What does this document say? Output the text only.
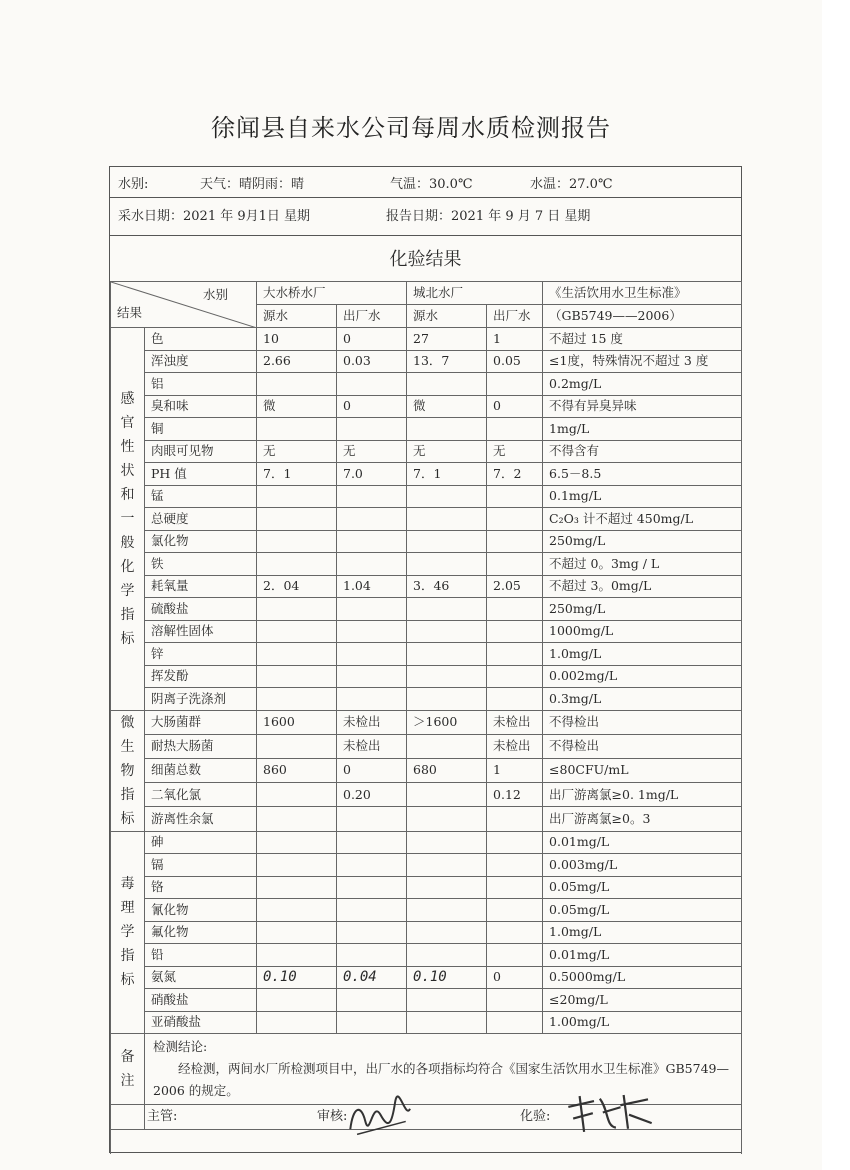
徐闻县自来水公司每周水质检测报告
水别:	天气：晴阴雨：晴	气温：30.0℃	水温：27.0℃
采水日期：2021 年 9月1日 星期	报告日期：2021 年 9 月 7 日 星期
化验结果
水别
结果		大水桥水厂		城北水厂		《生活饮用水卫生标准》
		源水	出厂水	源水	出厂水	（GB5749——2006）

感官性状和一般化学指标	色	10	0	27	1	不超过 15 度
	浑浊度	2.66	0.03	13．7	0.05	≤1度，特殊情况不超过 3 度
	铝					0.2mg/L
	臭和味	微	0	微	0	不得有异臭异味
	铜					1mg/L
	肉眼可见物	无	无	无	无	不得含有
	PH 值	7．1	7.0	7．1	7．2	6.5－8.5
	锰					0.1mg/L
	总硬度					C₂O₃ 计不超过 450mg/L
	氯化物					250mg/L
	铁					不超过 0。3mg / L
	耗氧量	2．04	1.04	3．46	2.05	不超过 3。0mg/L
	硫酸盐					250mg/L
	溶解性固体					1000mg/L
	锌					1.0mg/L
	挥发酚					0.002mg/L
	阴离子洗涤剂					0.3mg/L

微生物指标	大肠菌群	1600	未检出	＞1600	未检出	不得检出
	耐热大肠菌		未检出		未检出	不得检出
	细菌总数	860	0	680	1	≤80CFU/mL
	二氧化氯		0.20		0.12	出厂游离氯≥0. 1mg/L
	游离性余氯					出厂游离氯≥0。3

毒理学指标	砷					0.01mg/L
	镉					0.003mg/L
	铬					0.05mg/L
	氰化物					0.05mg/L
	氟化物					1.0mg/L
	铅					0.01mg/L
	氨氮	0.10	0.04	0.10	0	0.5000mg/L
	硝酸盐					≤20mg/L
	亚硝酸盐					1.00mg/L

备注	检测结论:
经检测，两间水厂所检测项目中，出厂水的各项指标均符合《国家生活饮用水卫生标准》GB5749—2006 的规定。					

	主管: 审核: 化验:					
